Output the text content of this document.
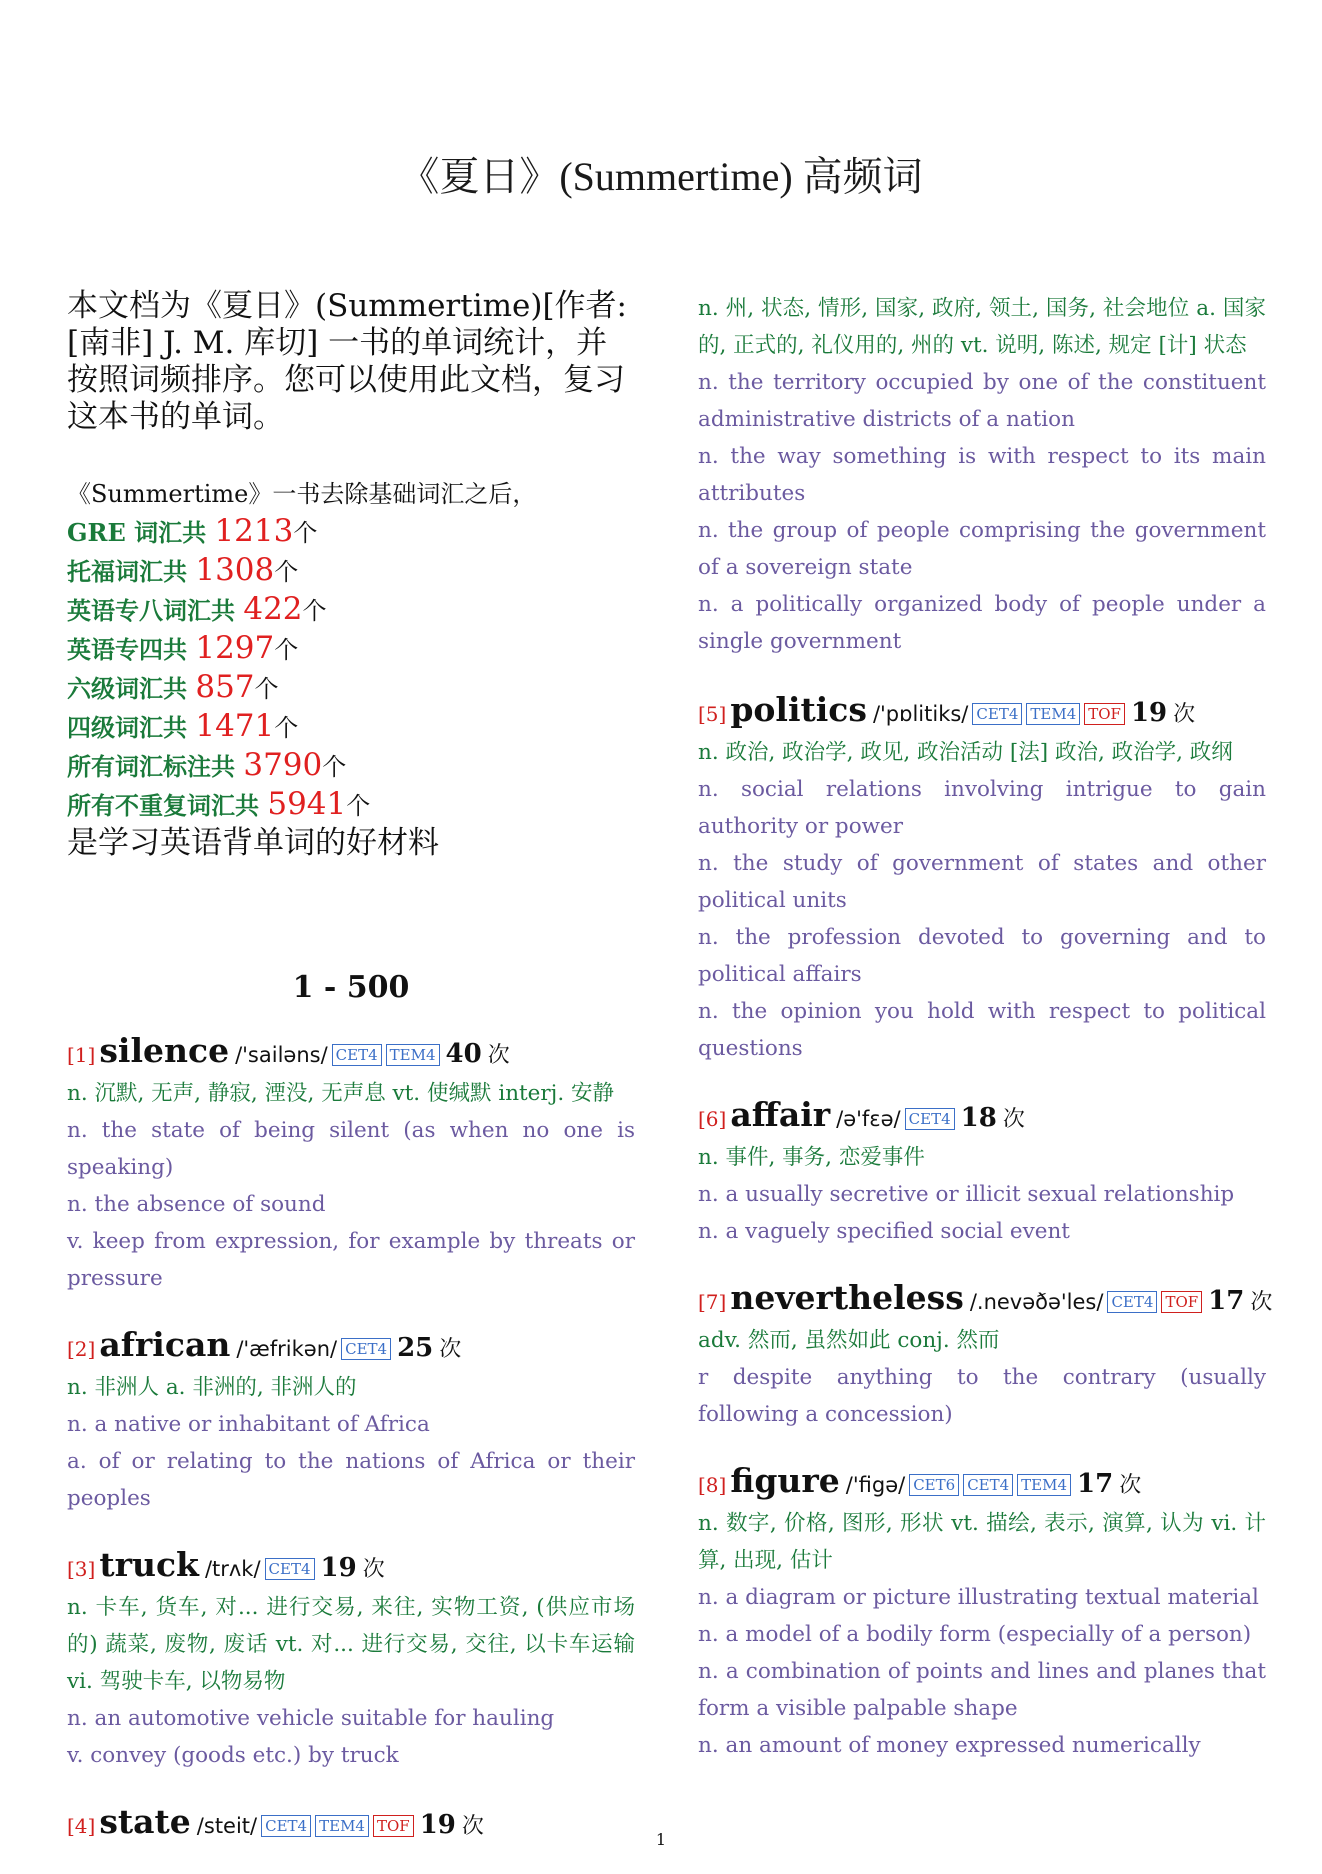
《夏日》(Summertime) 高频词

本文档为《夏日》(Summertime)[作者: [南非] J. M. 库切] 一书的单词统计，并按照词频排序。您可以使用此文档，复习这本书的单词。

《Summertime》一书去除基础词汇之后，
GRE 词汇共 1213个
托福词汇共 1308个
英语专八词汇共 422个
英语专四共 1297个
六级词汇共 857个
四级词汇共 1471个
所有词汇标注共 3790个
所有不重复词汇共 5941个
是学习英语背单词的好材料
1 - 500
[1] silence /'sailəns/ CET4 TEM4 40 次

n. 沉默, 无声, 静寂, 湮没, 无声息 vt. 使缄默 interj. 安静

n. the state of being silent (as when no one is speaking)

n. the absence of sound

v. keep from expression, for example by threats or pressure

[2] african /'æfrikən/ CET4 25 次

n. 非洲人 a. 非洲的, 非洲人的

n. a native or inhabitant of Africa

a. of or relating to the nations of Africa or their peoples

[3] truck /trʌk/ CET4 19 次

n. 卡车, 货车, 对... 进行交易, 来往, 实物工资, (供应市场的) 蔬菜, 废物, 废话 vt. 对... 进行交易, 交往, 以卡车运输 vi. 驾驶卡车, 以物易物

n. an automotive vehicle suitable for hauling

v. convey (goods etc.) by truck

[4] state /steit/ CET4 TEM4 TOF 19 次

n. 州, 状态, 情形, 国家, 政府, 领土, 国务, 社会地位 a. 国家的, 正式的, 礼仪用的, 州的 vt. 说明, 陈述, 规定 [计] 状态

n. the territory occupied by one of the constituent administrative districts of a nation

n. the way something is with respect to its main attributes

n. the group of people comprising the government of a sovereign state

n. a politically organized body of people under a single government

[5] politics /'pɒlitiks/ CET4 TEM4 TOF 19 次

n. 政治, 政治学, 政见, 政治活动 [法] 政治, 政治学, 政纲

n. social relations involving intrigue to gain authority or power

n. the study of government of states and other political units

n. the profession devoted to governing and to political affairs

n. the opinion you hold with respect to political questions

[6] affair /ə'fɛə/ CET4 18 次

n. 事件, 事务, 恋爱事件

n. a usually secretive or illicit sexual relationship

n. a vaguely specified social event

[7] nevertheless /.nevəðə'les/ CET4 TOF 17 次

adv. 然而, 虽然如此 conj. 然而

r despite anything to the contrary (usually following a concession)

[8] figure /'figə/ CET6 CET4 TEM4 17 次

n. 数字, 价格, 图形, 形状 vt. 描绘, 表示, 演算, 认为 vi. 计算, 出现, 估计

n. a diagram or picture illustrating textual material

n. a model of a bodily form (especially of a person)

n. a combination of points and lines and planes that form a visible palpable shape

n. an amount of money expressed numerically

1
